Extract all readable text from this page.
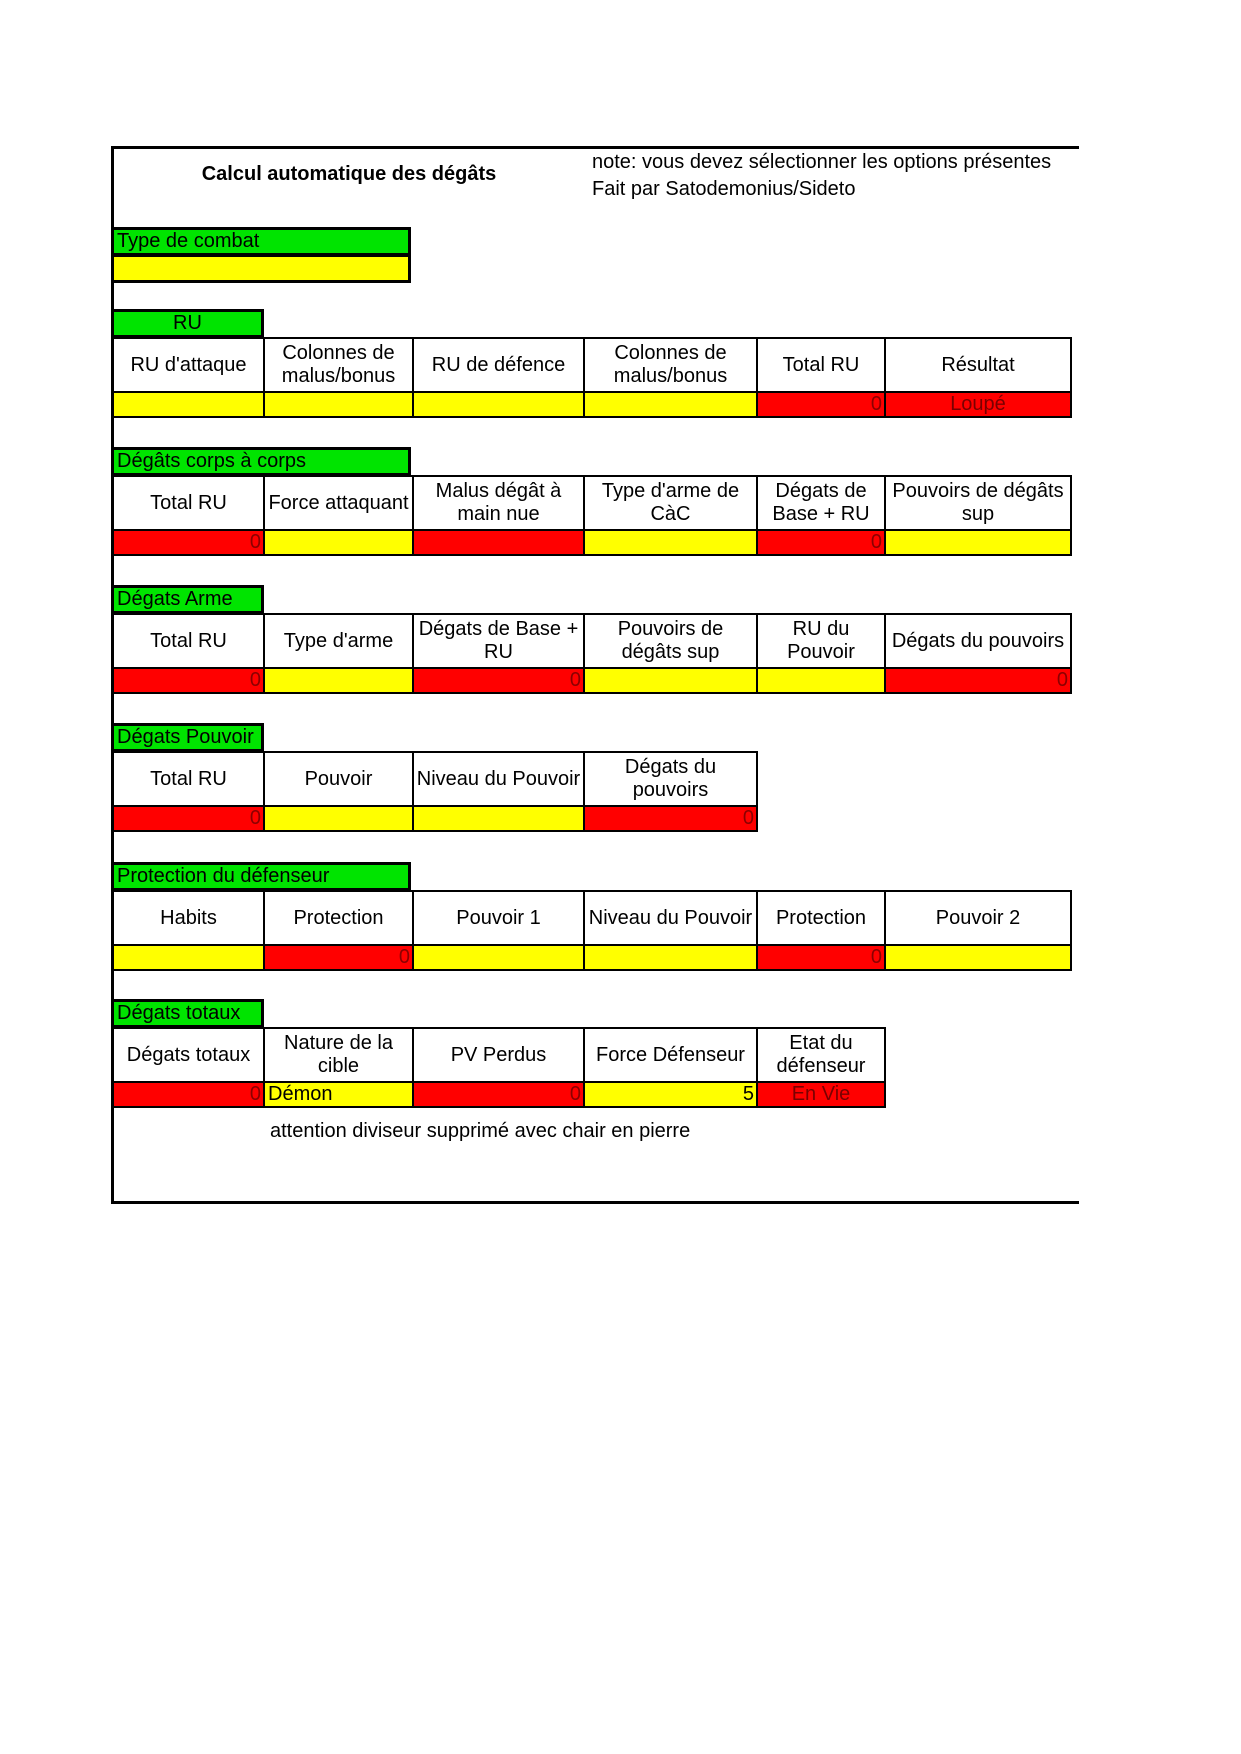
Calcul automatique des dégâts
note: vous devez sélectionner les options présentes
Fait par Satodemonius/Sideto
Type de combat
RU
RU d'attaque	Colonnes de malus/bonus	RU de défence	Colonnes de malus/bonus	Total RU	Résultat
				0	Loupé
Dégâts corps à corps
Total RU	Force attaquant	Malus dégât à main nue	Type d'arme de CàC	Dégats de Base + RU	Pouvoirs de dégâts sup
0				0	
Dégats Arme
Total RU	Type d'arme	Dégats de Base + RU	Pouvoirs de dégâts sup	RU du Pouvoir	Dégats du pouvoirs
0		0			0
Dégats Pouvoir
Total RU	Pouvoir	Niveau du Pouvoir	Dégats du pouvoirs
0			0
Protection du défenseur
Habits	Protection	Pouvoir 1	Niveau du Pouvoir	Protection	Pouvoir 2
	0			0	
Dégats totaux
Dégats totaux	Nature de la cible	PV Perdus	Force Défenseur	Etat du défenseur
0	Démon	0	5	En Vie
attention diviseur supprimé avec chair en pierre
